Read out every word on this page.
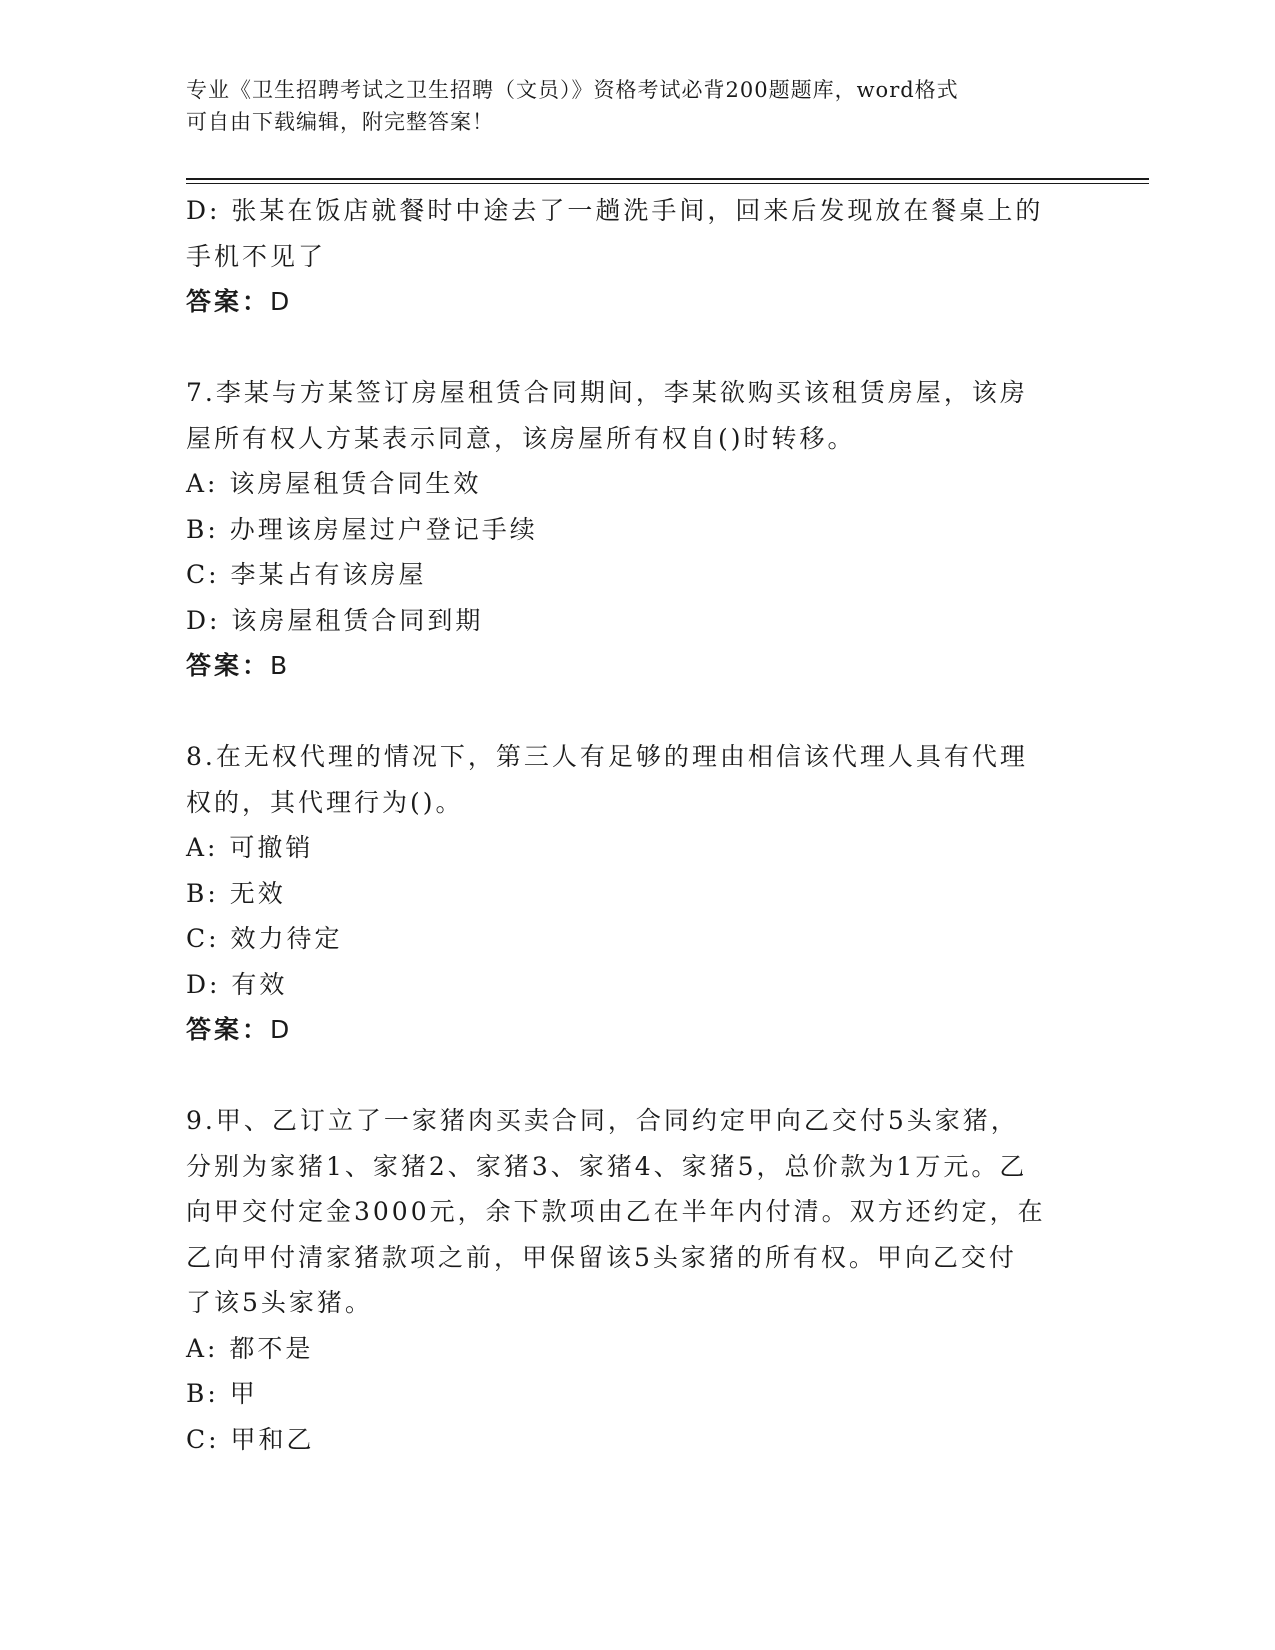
专业《卫生招聘考试之卫生招聘（文员）》资格考试必背200题题库，word格式
可自由下载编辑，附完整答案！
D: 张某在饭店就餐时中途去了一趟洗手间，回来后发现放在餐桌上的
手机不见了
答案：D
7.李某与方某签订房屋租赁合同期间，李某欲购买该租赁房屋，该房
屋所有权人方某表示同意，该房屋所有权自()时转移。
A: 该房屋租赁合同生效
B: 办理该房屋过户登记手续
C: 李某占有该房屋
D: 该房屋租赁合同到期
答案：B
8.在无权代理的情况下，第三人有足够的理由相信该代理人具有代理
权的，其代理行为()。
A: 可撤销
B: 无效
C: 效力待定
D: 有效
答案：D
9.甲、乙订立了一家猪肉买卖合同，合同约定甲向乙交付5头家猪，
分别为家猪1、家猪2、家猪3、家猪4、家猪5，总价款为1万元。乙
向甲交付定金3000元，余下款项由乙在半年内付清。双方还约定，在
乙向甲付清家猪款项之前，甲保留该5头家猪的所有权。甲向乙交付
了该5头家猪。
A: 都不是
B: 甲
C: 甲和乙
